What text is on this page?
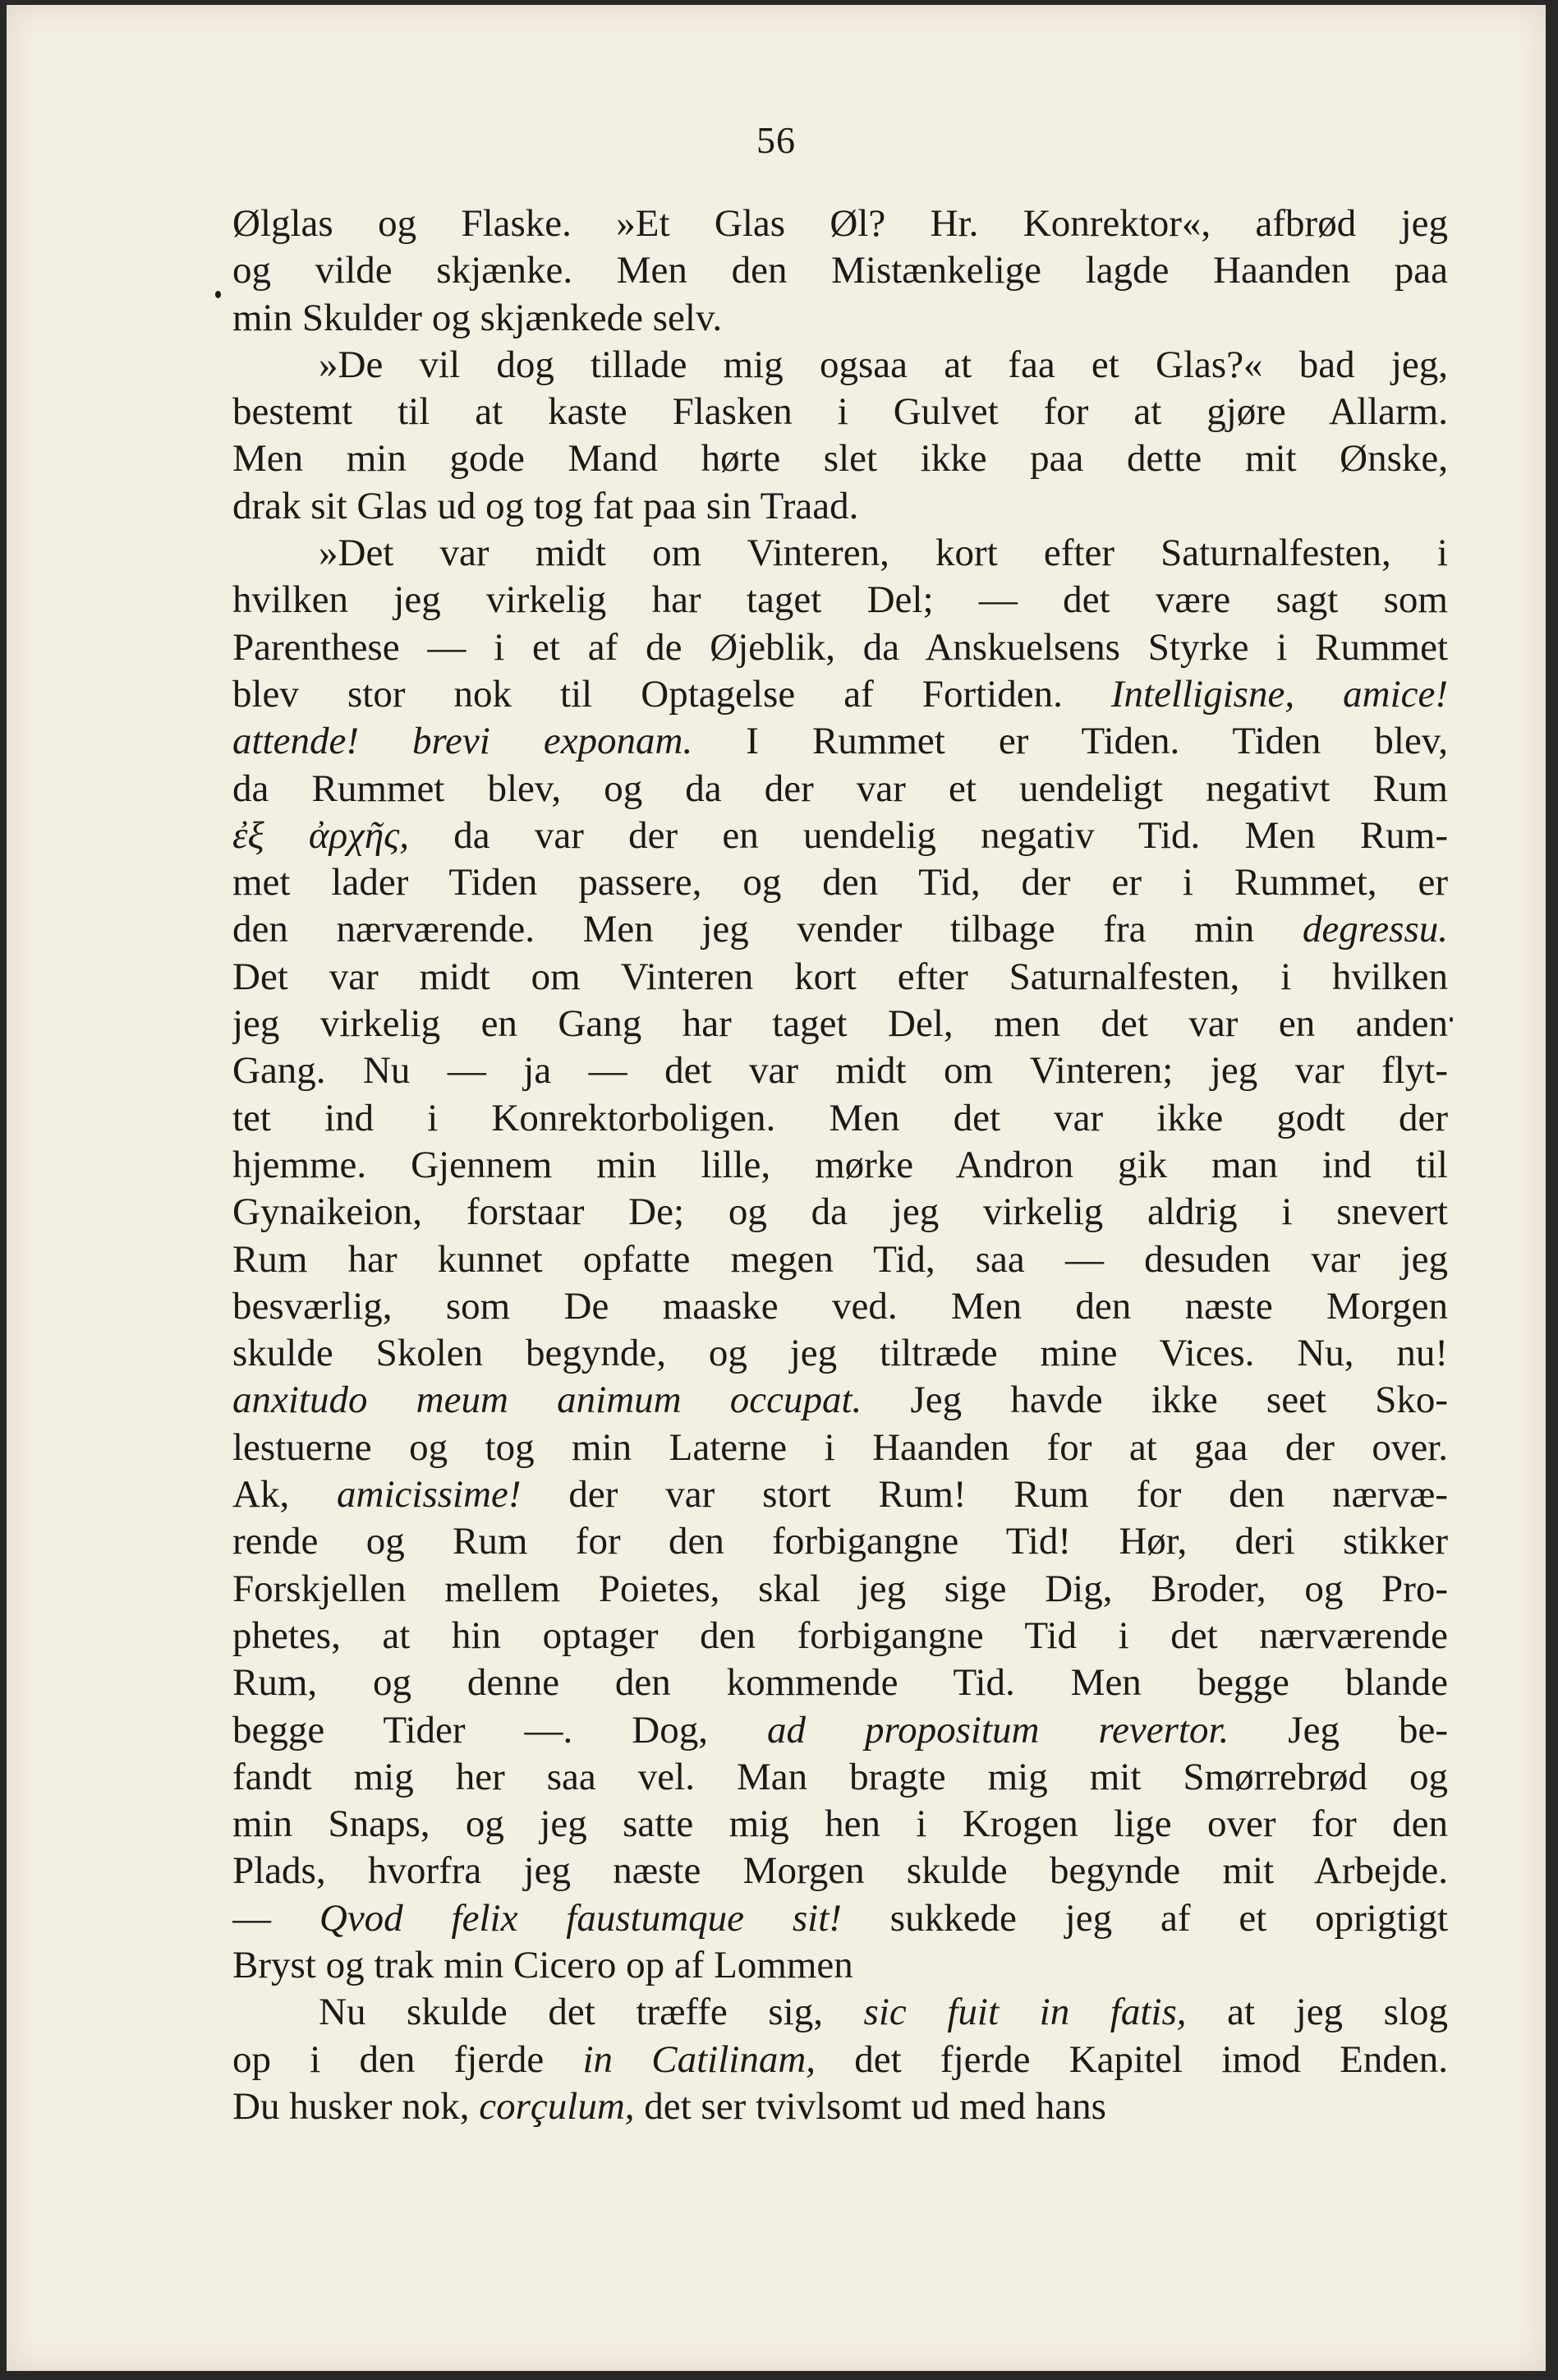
56
Ølglas og Flaske. »Et Glas Øl? Hr. Konrektor«, afbrød jeg
og vilde skjænke. Men den Mistænkelige lagde Haanden paa
min Skulder og skjænkede selv.
»De vil dog tillade mig ogsaa at faa et Glas?« bad jeg,
bestemt til at kaste Flasken i Gulvet for at gjøre Allarm.
Men min gode Mand hørte slet ikke paa dette mit Ønske,
drak sit Glas ud og tog fat paa sin Traad.
»Det var midt om Vinteren, kort efter Saturnalfesten, i
hvilken jeg virkelig har taget Del; — det være sagt som
Parenthese — i et af de Øjeblik, da Anskuelsens Styrke i Rummet
blev stor nok til Optagelse af Fortiden. Intelligisne, amice!
attende! brevi exponam. I Rummet er Tiden. Tiden blev,
da Rummet blev, og da der var et uendeligt negativt Rum
ἐξ ἀρχῆς, da var der en uendelig negativ Tid. Men Rum-
met lader Tiden passere, og den Tid, der er i Rummet, er
den nærværende. Men jeg vender tilbage fra min degressu.
Det var midt om Vinteren kort efter Saturnalfesten, i hvilken
jeg virkelig en Gang har taget Del, men det var en anden
Gang. Nu — ja — det var midt om Vinteren; jeg var flyt-
tet ind i Konrektorboligen. Men det var ikke godt der
hjemme. Gjennem min lille, mørke Andron gik man ind til
Gynaikeion, forstaar De; og da jeg virkelig aldrig i snevert
Rum har kunnet opfatte megen Tid, saa — desuden var jeg
besværlig, som De maaske ved. Men den næste Morgen
skulde Skolen begynde, og jeg tiltræde mine Vices. Nu, nu!
anxitudo meum animum occupat. Jeg havde ikke seet Sko-
lestuerne og tog min Laterne i Haanden for at gaa der over.
Ak, amicissime! der var stort Rum! Rum for den nærvæ-
rende og Rum for den forbigangne Tid! Hør, deri stikker
Forskjellen mellem Poietes, skal jeg sige Dig, Broder, og Pro-
phetes, at hin optager den forbigangne Tid i det nærværende
Rum, og denne den kommende Tid. Men begge blande
begge Tider —. Dog, ad propositum revertor. Jeg be-
fandt mig her saa vel. Man bragte mig mit Smørrebrød og
min Snaps, og jeg satte mig hen i Krogen lige over for den
Plads, hvorfra jeg næste Morgen skulde begynde mit Arbejde.
— Qvod felix faustumque sit! sukkede jeg af et oprigtigt
Bryst og trak min Cicero op af Lommen
Nu skulde det træffe sig, sic fuit in fatis, at jeg slog
op i den fjerde in Catilinam, det fjerde Kapitel imod Enden.
Du husker nok, corçulum, det ser tvivlsomt ud med hans
